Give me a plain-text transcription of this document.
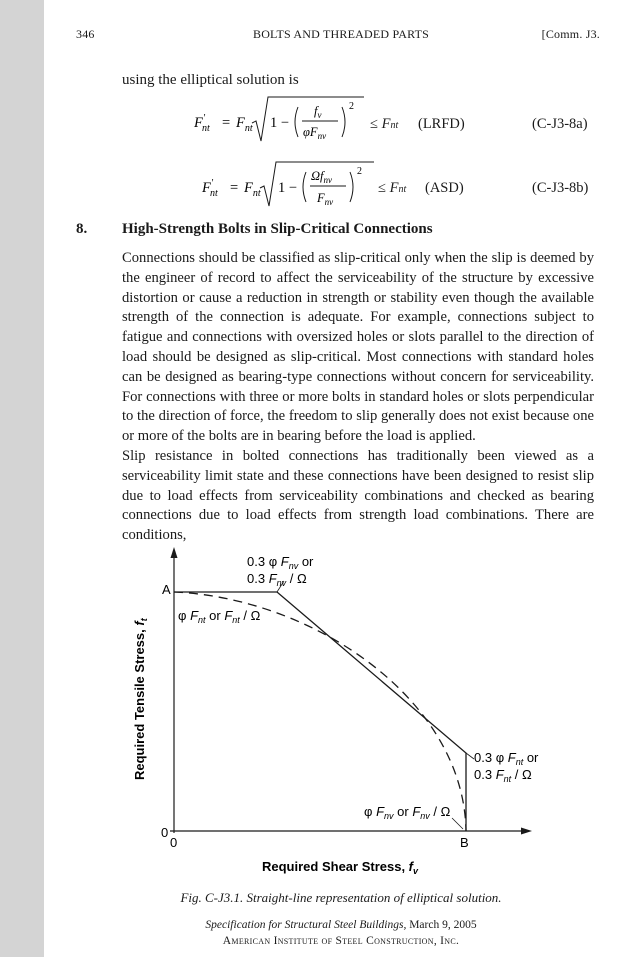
346	BOLTS AND THREADED PARTS	[Comm. J3.
using the elliptical solution is
F′ nt = $F_{nt}$ 1 −
$f_v$
$\varphi F_{nv}$
2
≤ Fnt (LRFD)	(C-J3-8a)
F′ nt = $F_{nt}$ 1 −
$\Omega f_{nv}$
$F_{nv}$
2
≤ Fnt (ASD)	(C-J3-8b)
8. High-Strength Bolts in Slip-Critical Connections
Connections should be classified as slip-critical only when the slip is deemed by the engineer of record to affect the serviceability of the structure by excessive distortion or cause a reduction in strength or stability even though the available strength of the connection is adequate. For example, connections subject to fatigue and connections with oversized holes or slots parallel to the direction of load should be designed as slip-critical. Most connections with standard holes can be designed as bearing-type connections without concern for serviceability. For connections with three or more bolts in standard holes or slots perpendicular to the direction of force, the freedom to slip generally does not exist because one or more of the bolts are in bearing before the load is applied.
Slip resistance in bolted connections has traditionally been viewed as a serviceability limit state and these connections have been designed to resist slip due to load effects from serviceability combinations and checked as bearing connections due to load effects from strength load combinations. There are conditions,
A
B
0
0
0.3 φ $F_{nv}$ or
0.3 $F_{nv}$ / Ω
φ $F_{nt}$ or $F_{nt}$ / Ω
0.3 φ $F_{nt}$ or
0.3 $F_{nt}$ / Ω
φ $F_{nv}$ or $F_{nv}$ / Ω
Required Tensile Stress, $f_t$
Required Shear Stress, $f_v$
Fig. C-J3.1. Straight-line representation of elliptical solution.
Specification for Structural Steel Buildings, March 9, 2005
American Institute of Steel Construction, Inc.
